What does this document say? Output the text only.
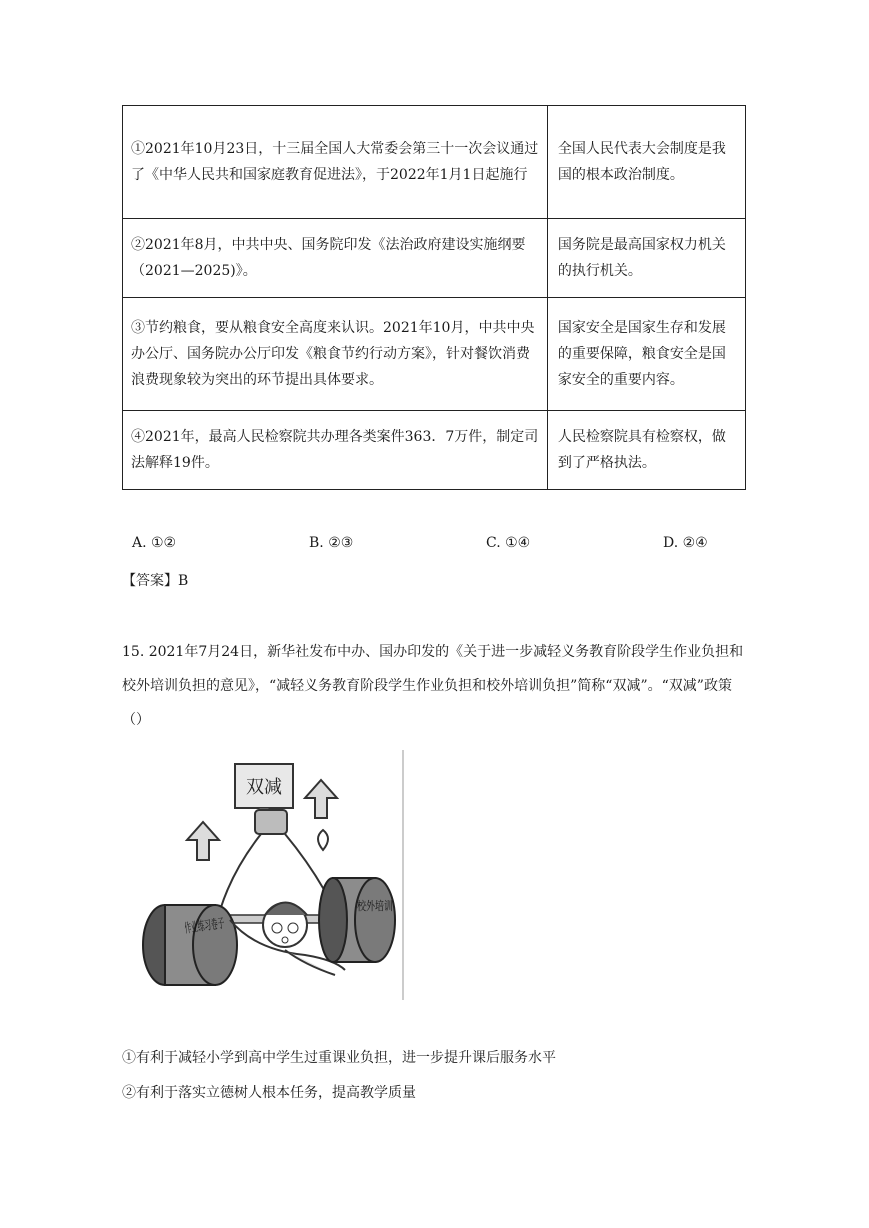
①2021年10月23日，十三届全国人大常委会第三十一次会议通过了《中华人民共和国家庭教育促进法》，于2022年1月1日起施行	全国人民代表大会制度是我国的根本政治制度。
②2021年8月，中共中央、国务院印发《法治政府建设实施纲要（2021—2025)》。	国务院是最高国家权力机关的执行机关。
③节约粮食，要从粮食安全高度来认识。2021年10月，中共中央办公厅、国务院办公厅印发《粮食节约行动方案》，针对餐饮消费浪费现象较为突出的环节提出具体要求。	国家安全是国家生存和发展的重要保障，粮食安全是国家安全的重要内容。
④2021年，最高人民检察院共办理各类案件363．7万件，制定司法解释19件。	人民检察院具有检察权，做到了严格执法。
A. ①②	B. ②③	C. ①④	D. ②④
【答案】B
15. 2021年7月24日，新华社发布中办、国办印发的《关于进一步减轻义务教育阶段学生作业负担和校外培训负担的意见》，“减轻义务教育阶段学生作业负担和校外培训负担”简称“双减”。“双减”政策（）
双减
作业练习卷子
校外培训
①有利于减轻小学到高中学生过重课业负担，进一步提升课后服务水平
②有利于落实立德树人根本任务，提高教学质量
